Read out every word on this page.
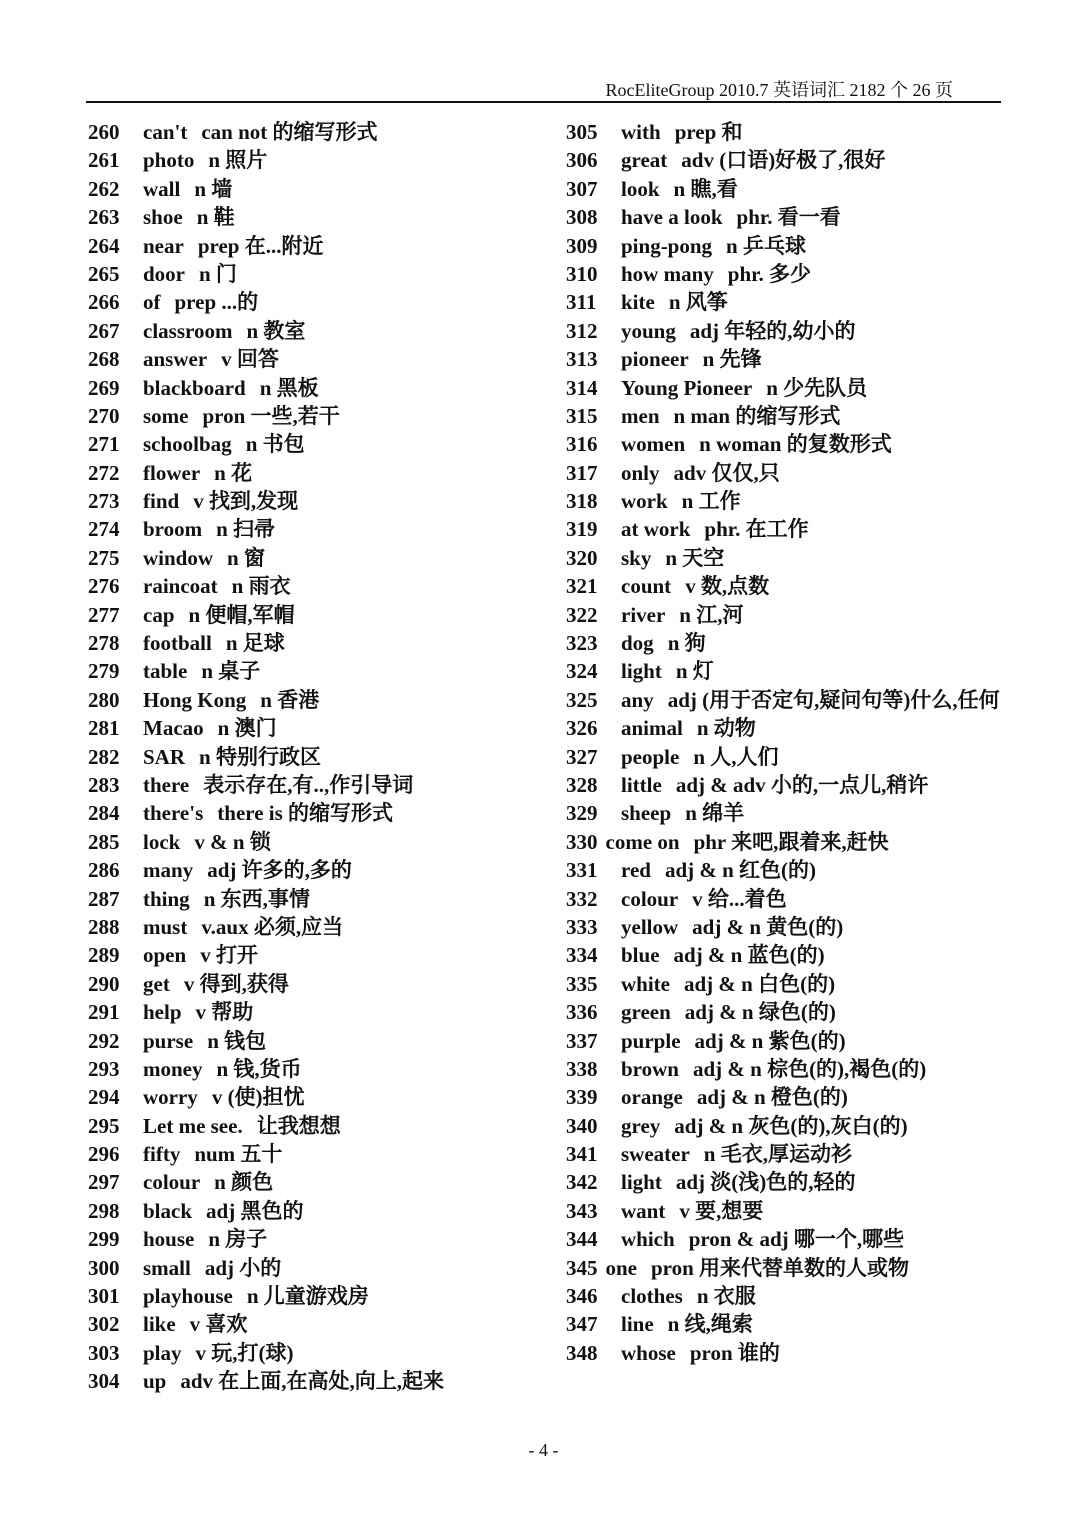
RocEliteGroup 2010.7 英语词汇 2182 个 26 页
260 can't can not 的缩写形式
261 photo n 照片
262 wall n 墙
263 shoe n 鞋
264 near prep 在...附近
265 door n 门
266 of prep ...的
267 classroom n 教室
268 answer v 回答
269 blackboard n 黑板
270 some pron 一些,若干
271 schoolbag n 书包
272 flower n 花
273 find v 找到,发现
274 broom n 扫帚
275 window n 窗
276 raincoat n 雨衣
277 cap n 便帽,军帽
278 football n 足球
279 table n 桌子
280 Hong Kong n 香港
281 Macao n 澳门
282 SAR n 特别行政区
283 there 表示存在,有..,作引导词
284 there's there is 的缩写形式
285 lock v & n 锁
286 many adj 许多的,多的
287 thing n 东西,事情
288 must v.aux 必须,应当
289 open v 打开
290 get v 得到,获得
291 help v 帮助
292 purse n 钱包
293 money n 钱,货币
294 worry v (使)担忧
295 Let me see. 让我想想
296 fifty num 五十
297 colour n 颜色
298 black adj 黑色的
299 house n 房子
300 small adj 小的
301 playhouse n 儿童游戏房
302 like v 喜欢
303 play v 玩,打(球)
304 up adv 在上面,在高处,向上,起来
305 with prep 和
306 great adv (口语)好极了,很好
307 look n 瞧,看
308 have a look phr. 看一看
309 ping-pong n 乒乓球
310 how many phr. 多少
311 kite n 风筝
312 young adj 年轻的,幼小的
313 pioneer n 先锋
314 Young Pioneer n 少先队员
315 men n man 的缩写形式
316 women n woman 的复数形式
317 only adv 仅仅,只
318 work n 工作
319 at work phr. 在工作
320 sky n 天空
321 count v 数,点数
322 river n 江,河
323 dog n 狗
324 light n 灯
325 any adj (用于否定句,疑问句等)什么,任何
326 animal n 动物
327 people n 人,人们
328 little adj & adv 小的,一点儿,稍许
329 sheep n 绵羊
330 come on phr 来吧,跟着来,赶快
331 red adj & n 红色(的)
332 colour v 给...着色
333 yellow adj & n 黄色(的)
334 blue adj & n 蓝色(的)
335 white adj & n 白色(的)
336 green adj & n 绿色(的)
337 purple adj & n 紫色(的)
338 brown adj & n 棕色(的),褐色(的)
339 orange adj & n 橙色(的)
340 grey adj & n 灰色(的),灰白(的)
341 sweater n 毛衣,厚运动衫
342 light adj 淡(浅)色的,轻的
343 want v 要,想要
344 which pron & adj 哪一个,哪些
345 one pron 用来代替单数的人或物
346 clothes n 衣服
347 line n 线,绳索
348 whose pron 谁的
- 4 -
